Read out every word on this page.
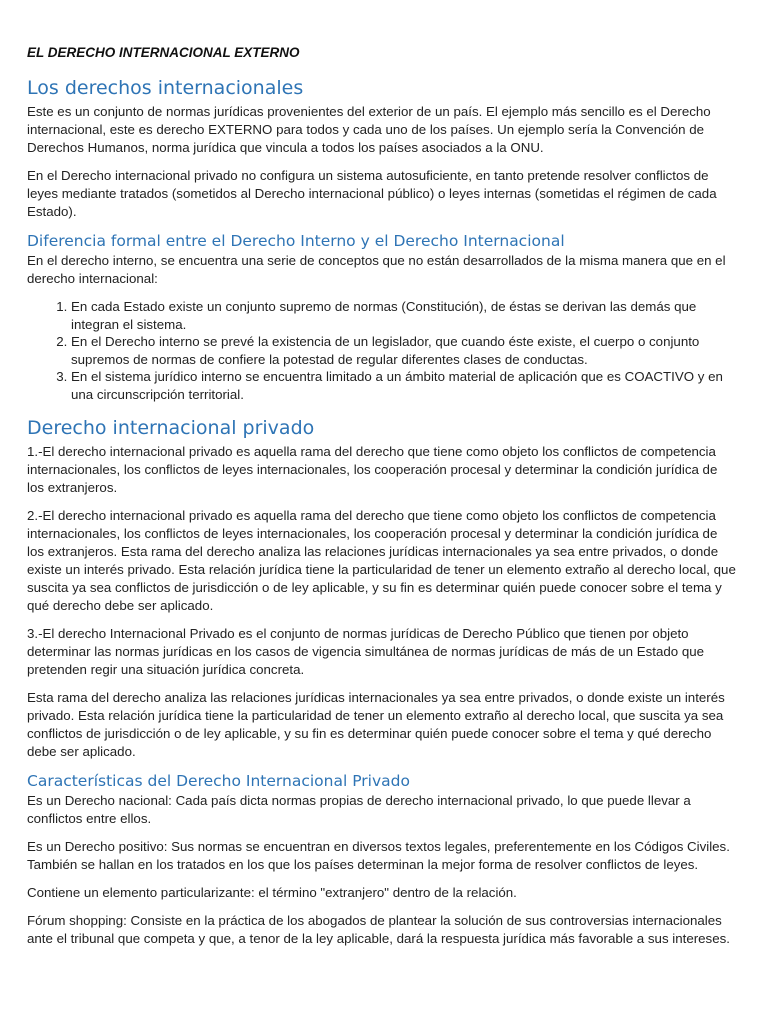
EL DERECHO INTERNACIONAL EXTERNO
Los derechos internacionales

Este es un conjunto de normas jurídicas provenientes del exterior de un país. El ejemplo más sencillo es el Derecho internacional, este es derecho EXTERNO para todos y cada uno de los países. Un ejemplo sería la Convención de Derechos Humanos, norma jurídica que vincula a todos los países asociados a la ONU.

En el Derecho internacional privado no configura un sistema autosuficiente, en tanto pretende resolver conflictos de leyes mediante tratados (sometidos al Derecho internacional público) o leyes internas (sometidas el régimen de cada Estado).

Diferencia formal entre el Derecho Interno y el Derecho Internacional

En el derecho interno, se encuentra una serie de conceptos que no están desarrollados de la misma manera que en el derecho internacional:

1. En cada Estado existe un conjunto supremo de normas (Constitución), de éstas se derivan las demás que integran el sistema.
2. En el Derecho interno se prevé la existencia de un legislador, que cuando éste existe, el cuerpo o conjunto supremos de normas de confiere la potestad de regular diferentes clases de conductas.
3. En el sistema jurídico interno se encuentra limitado a un ámbito material de aplicación que es COACTIVO y en una circunscripción territorial.
Derecho internacional privado

1.-El derecho internacional privado es aquella rama del derecho que tiene como objeto los conflictos de competencia internacionales, los conflictos de leyes internacionales, los cooperación procesal y determinar la condición jurídica de los extranjeros.

2.-El derecho internacional privado es aquella rama del derecho que tiene como objeto los conflictos de competencia internacionales, los conflictos de leyes internacionales, los cooperación procesal y determinar la condición jurídica de los extranjeros. Esta rama del derecho analiza las relaciones jurídicas internacionales ya sea entre privados, o donde existe un interés privado. Esta relación jurídica tiene la particularidad de tener un elemento extraño al derecho local, que suscita ya sea conflictos de jurisdicción o de ley aplicable, y su fin es determinar quién puede conocer sobre el tema y qué derecho debe ser aplicado.

3.-El derecho Internacional Privado es el conjunto de normas jurídicas de Derecho Público que tienen por objeto determinar las normas jurídicas en los casos de vigencia simultánea de normas jurídicas de más de un Estado que pretenden regir una situación jurídica concreta.

Esta rama del derecho analiza las relaciones jurídicas internacionales ya sea entre privados, o donde existe un interés privado. Esta relación jurídica tiene la particularidad de tener un elemento extraño al derecho local, que suscita ya sea conflictos de jurisdicción o de ley aplicable, y su fin es determinar quién puede conocer sobre el tema y qué derecho debe ser aplicado.

Características del Derecho Internacional Privado

Es un Derecho nacional: Cada país dicta normas propias de derecho internacional privado, lo que puede llevar a conflictos entre ellos.

Es un Derecho positivo: Sus normas se encuentran en diversos textos legales, preferentemente en los Códigos Civiles. También se hallan en los tratados en los que los países determinan la mejor forma de resolver conflictos de leyes.

Contiene un elemento particularizante: el término "extranjero" dentro de la relación.

Fórum shopping: Consiste en la práctica de los abogados de plantear la solución de sus controversias internacionales ante el tribunal que competa y que, a tenor de la ley aplicable, dará la respuesta jurídica más favorable a sus intereses.
